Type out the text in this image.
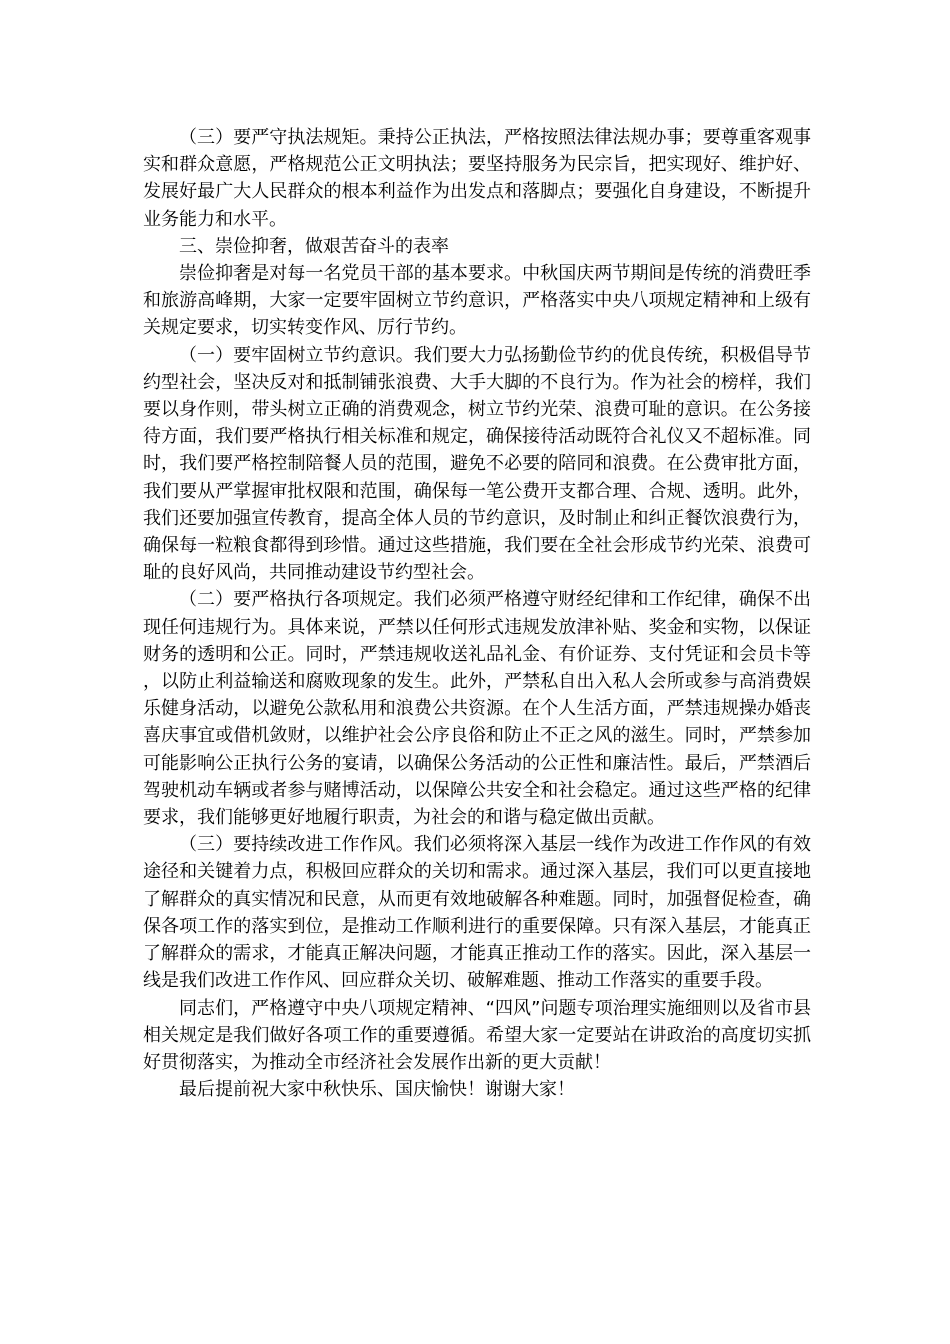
（三）要严守执法规矩。秉持公正执法，严格按照法律法规办事；要尊重客观事实和群众意愿，严格规范公正文明执法；要坚持服务为民宗旨，把实现好、维护好、发展好最广大人民群众的根本利益作为出发点和落脚点；要强化自身建设，不断提升业务能力和水平。

三、崇俭抑奢，做艰苦奋斗的表率

崇俭抑奢是对每一名党员干部的基本要求。中秋国庆两节期间是传统的消费旺季和旅游高峰期，大家一定要牢固树立节约意识，严格落实中央八项规定精神和上级有关规定要求，切实转变作风、厉行节约。

（一）要牢固树立节约意识。我们要大力弘扬勤俭节约的优良传统，积极倡导节约型社会，坚决反对和抵制铺张浪费、大手大脚的不良行为。作为社会的榜样，我们要以身作则，带头树立正确的消费观念，树立节约光荣、浪费可耻的意识。在公务接待方面，我们要严格执行相关标准和规定，确保接待活动既符合礼仪又不超标准。同时，我们要严格控制陪餐人员的范围，避免不必要的陪同和浪费。在公费审批方面，我们要从严掌握审批权限和范围，确保每一笔公费开支都合理、合规、透明。此外，我们还要加强宣传教育，提高全体人员的节约意识，及时制止和纠正餐饮浪费行为，确保每一粒粮食都得到珍惜。通过这些措施，我们要在全社会形成节约光荣、浪费可耻的良好风尚，共同推动建设节约型社会。

（二）要严格执行各项规定。我们必须严格遵守财经纪律和工作纪律，确保不出现任何违规行为。具体来说，严禁以任何形式违规发放津补贴、奖金和实物，以保证财务的透明和公正。同时，严禁违规收送礼品礼金、有价证券、支付凭证和会员卡等，以防止利益输送和腐败现象的发生。此外，严禁私自出入私人会所或参与高消费娱乐健身活动，以避免公款私用和浪费公共资源。在个人生活方面，严禁违规操办婚丧喜庆事宜或借机敛财，以维护社会公序良俗和防止不正之风的滋生。同时，严禁参加可能影响公正执行公务的宴请，以确保公务活动的公正性和廉洁性。最后，严禁酒后驾驶机动车辆或者参与赌博活动，以保障公共安全和社会稳定。通过这些严格的纪律要求，我们能够更好地履行职责，为社会的和谐与稳定做出贡献。

（三）要持续改进工作作风。我们必须将深入基层一线作为改进工作作风的有效途径和关键着力点，积极回应群众的关切和需求。通过深入基层，我们可以更直接地了解群众的真实情况和民意，从而更有效地破解各种难题。同时，加强督促检查，确保各项工作的落实到位，是推动工作顺利进行的重要保障。只有深入基层，才能真正了解群众的需求，才能真正解决问题，才能真正推动工作的落实。因此，深入基层一线是我们改进工作作风、回应群众关切、破解难题、推动工作落实的重要手段。

同志们，严格遵守中央八项规定精神、“四风”问题专项治理实施细则以及省市县相关规定是我们做好各项工作的重要遵循。希望大家一定要站在讲政治的高度切实抓好贯彻落实，为推动全市经济社会发展作出新的更大贡献！

最后提前祝大家中秋快乐、国庆愉快！谢谢大家！
